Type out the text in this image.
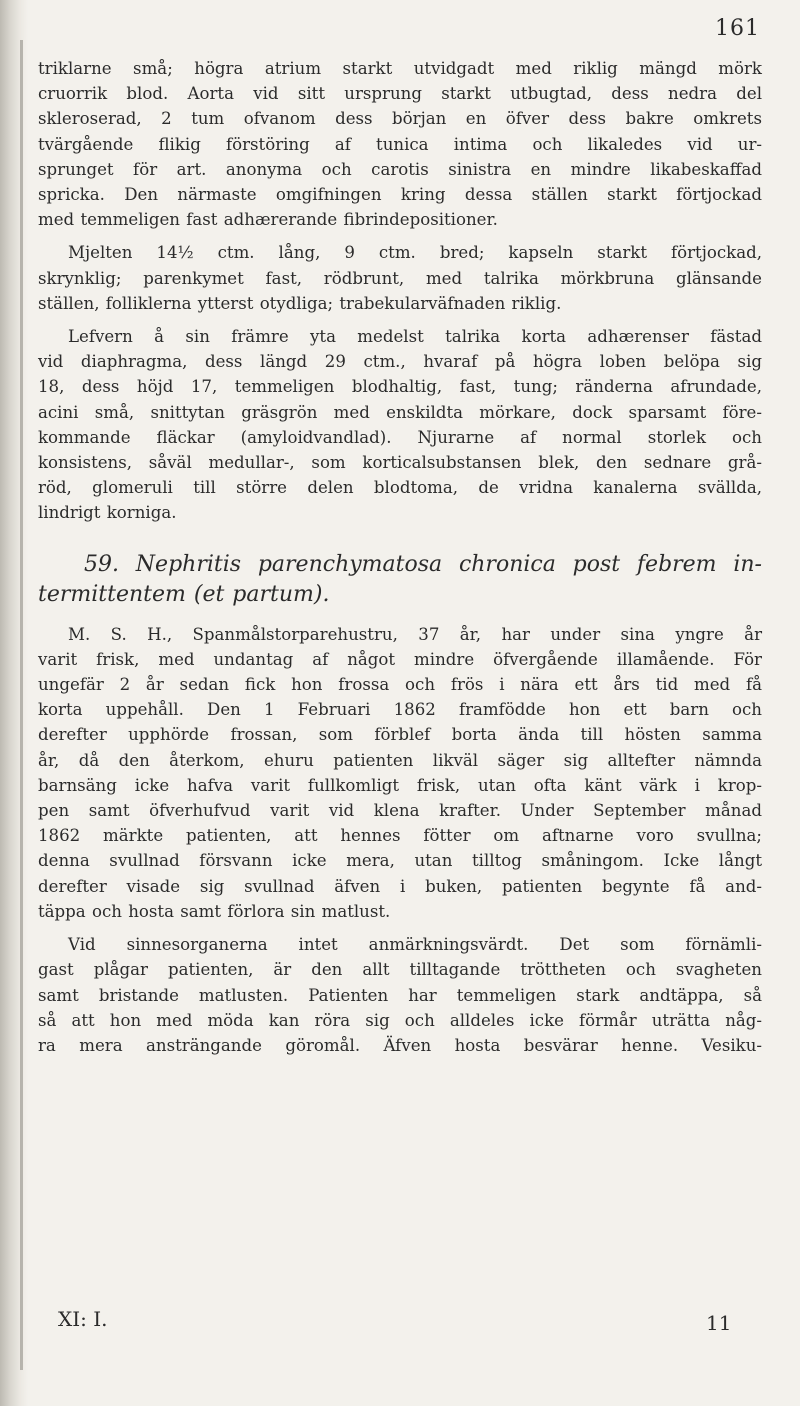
161
triklarne små; högra atrium starkt utvidgadt med riklig mängd mörk
cruorrik blod. Aorta vid sitt ursprung starkt utbugtad, dess nedra del
skleroserad, 2 tum ofvanom dess början en öfver dess bakre omkrets
tvärgående flikig förstöring af tunica intima och likaledes vid ur-
sprunget för art. anonyma och carotis sinistra en mindre likabeskaffad
spricka. Den närmaste omgifningen kring dessa ställen starkt förtjockad
med temmeligen fast adhærerande fibrindepositioner.
Mjelten 14½ ctm. lång, 9 ctm. bred; kapseln starkt förtjockad,
skrynklig; parenkymet fast, rödbrunt, med talrika mörkbruna glänsande
ställen, folliklerna ytterst otydliga; trabekularväfnaden riklig.
Lefvern å sin främre yta medelst talrika korta adhærenser fästad
vid diaphragma, dess längd 29 ctm., hvaraf på högra loben belöpa sig
18, dess höjd 17, temmeligen blodhaltig, fast, tung; ränderna afrundade,
acini små, snittytan gräsgrön med enskildta mörkare, dock sparsamt före-
kommande fläckar (amyloidvandlad). Njurarne af normal storlek och
konsistens, såväl medullar-, som korticalsubstansen blek, den sednare grå-
röd, glomeruli till större delen blodtoma, de vridna kanalerna svällda,
lindrigt korniga.
59. Nephritis parenchymatosa chronica post febrem in-
termittentem (et partum).
M. S. H., Spanmålstorparehustru, 37 år, har under sina yngre år
varit frisk, med undantag af något mindre öfvergående illamående. För
ungefär 2 år sedan fick hon frossa och frös i nära ett års tid med få
korta uppehåll. Den 1 Februari 1862 framfödde hon ett barn och
derefter upphörde frossan, som förblef borta ända till hösten samma
år, då den återkom, ehuru patienten likväl säger sig alltefter nämnda
barnsäng icke hafva varit fullkomligt frisk, utan ofta känt värk i krop-
pen samt öfverhufvud varit vid klena krafter. Under September månad
1862 märkte patienten, att hennes fötter om aftnarne voro svullna;
denna svullnad försvann icke mera, utan tilltog småningom. Icke långt
derefter visade sig svullnad äfven i buken, patienten begynte få and-
täppa och hosta samt förlora sin matlust.
Vid sinnesorganerna intet anmärkningsvärdt. Det som förnämli-
gast plågar patienten, är den allt tilltagande tröttheten och svagheten
samt bristande matlusten. Patienten har temmeligen stark andtäppa, så
så att hon med möda kan röra sig och alldeles icke förmår uträtta någ-
ra mera ansträngande göromål. Äfven hosta besvärar henne. Vesiku-
XI: I.	11
